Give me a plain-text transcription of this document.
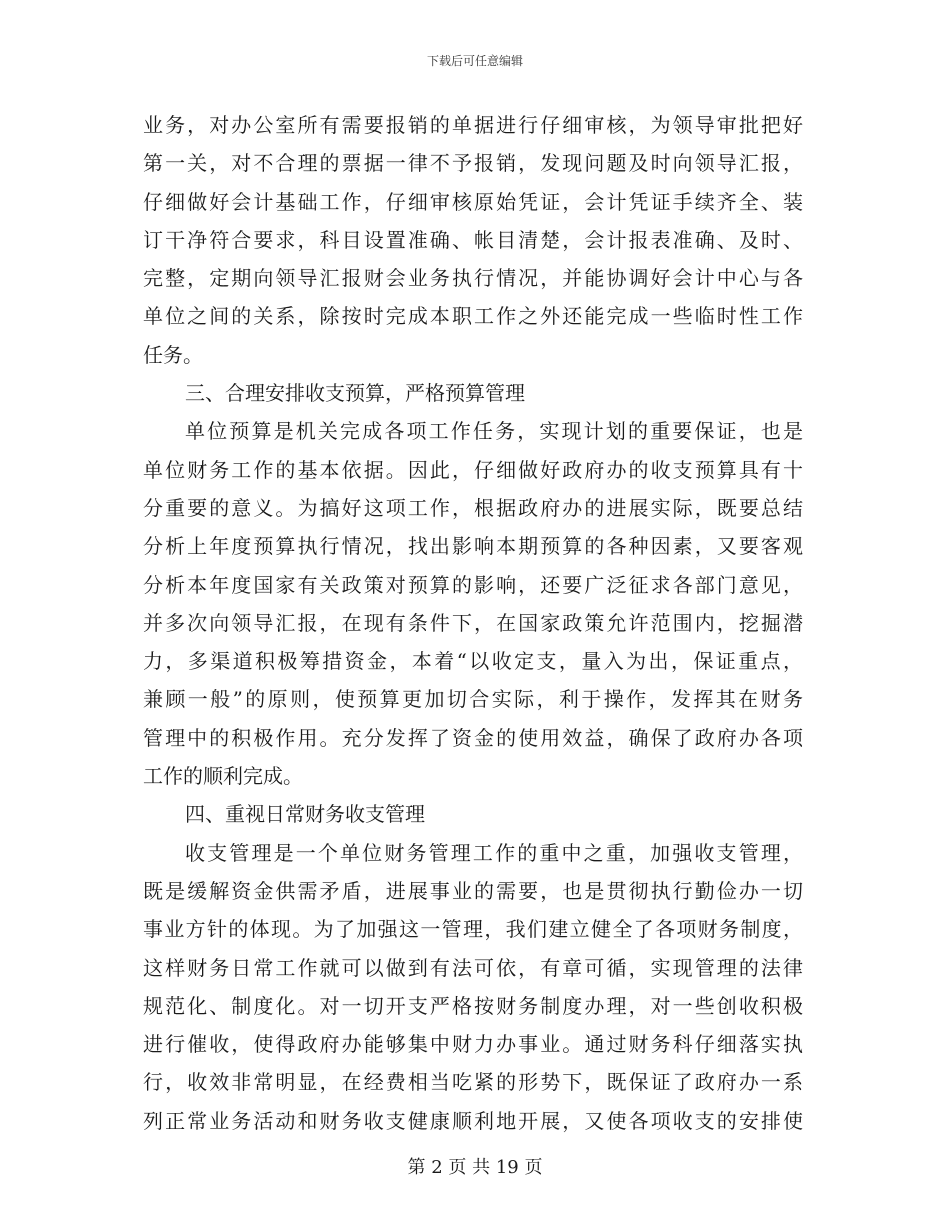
下载后可任意编辑
业务，对办公室所有需要报销的单据进行仔细审核，为领导审批把好
第一关，对不合理的票据一律不予报销，发现问题及时向领导汇报，
仔细做好会计基础工作，仔细审核原始凭证，会计凭证手续齐全、装
订干净符合要求，科目设置准确、帐目清楚，会计报表准确、及时、
完整，定期向领导汇报财会业务执行情况，并能协调好会计中心与各
单位之间的关系，除按时完成本职工作之外还能完成一些临时性工作
任务。
三、合理安排收支预算，严格预算管理
单位预算是机关完成各项工作任务，实现计划的重要保证，也是
单位财务工作的基本依据。因此，仔细做好政府办的收支预算具有十
分重要的意义。为搞好这项工作，根据政府办的进展实际，既要总结
分析上年度预算执行情况，找出影响本期预算的各种因素，又要客观
分析本年度国家有关政策对预算的影响，还要广泛征求各部门意见，
并多次向领导汇报，在现有条件下，在国家政策允许范围内，挖掘潜
力，多渠道积极筹措资金，本着“以收定支，量入为出，保证重点，
兼顾一般”的原则，使预算更加切合实际，利于操作，发挥其在财务
管理中的积极作用。充分发挥了资金的使用效益，确保了政府办各项
工作的顺利完成。
四、重视日常财务收支管理
收支管理是一个单位财务管理工作的重中之重，加强收支管理，
既是缓解资金供需矛盾，进展事业的需要，也是贯彻执行勤俭办一切
事业方针的体现。为了加强这一管理，我们建立健全了各项财务制度，
这样财务日常工作就可以做到有法可依，有章可循，实现管理的法律
规范化、制度化。对一切开支严格按财务制度办理，对一些创收积极
进行催收，使得政府办能够集中财力办事业。通过财务科仔细落实执
行，收效非常明显，在经费相当吃紧的形势下，既保证了政府办一系
列正常业务活动和财务收支健康顺利地开展，又使各项收支的安排使
第 2 页 共 19 页
